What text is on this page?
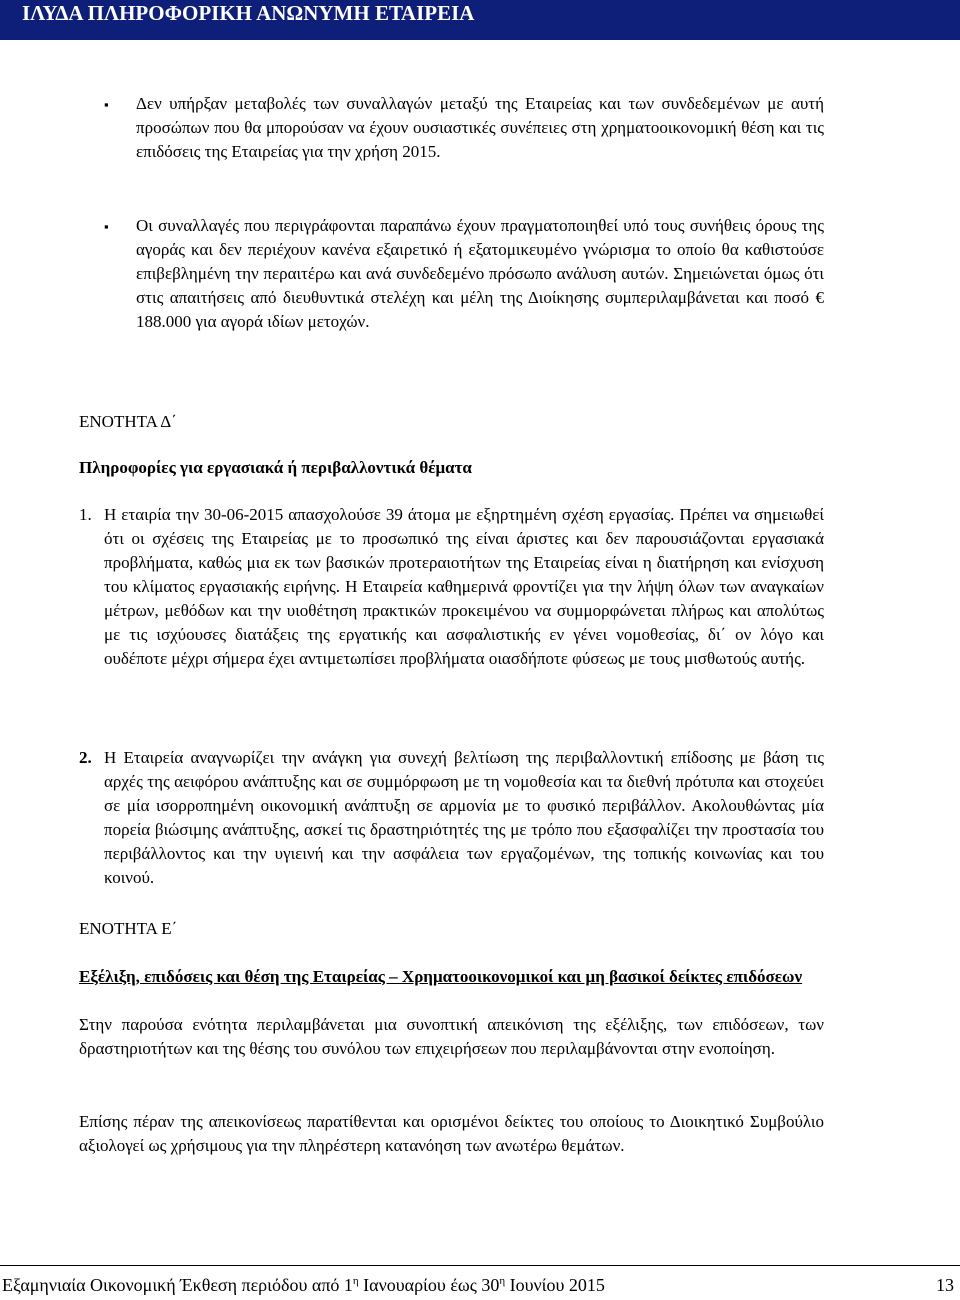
ΙΛΥΔΑ ΠΛΗΡΟΦΟΡΙΚΗ ΑΝΩΝΥΜΗ ΕΤΑΙΡΕΙΑ
▪ Δεν υπήρξαν μεταβολές των συναλλαγών μεταξύ της Εταιρείας και των συνδεδεμένων με αυτή προσώπων που θα μπορούσαν να έχουν ουσιαστικές συνέπειες στη χρηματοοικονομική θέση και τις επιδόσεις της Εταιρείας για την χρήση 2015.
▪ Οι συναλλαγές που περιγράφονται παραπάνω έχουν πραγματοποιηθεί υπό τους συνήθεις όρους της αγοράς και δεν περιέχουν κανένα εξαιρετικό ή εξατομικευμένο γνώρισμα το οποίο θα καθιστούσε επιβεβλημένη την περαιτέρω και ανά συνδεδεμένο πρόσωπο ανάλυση αυτών. Σημειώνεται όμως ότι στις απαιτήσεις από διευθυντικά στελέχη και μέλη της Διοίκησης συμπεριλαμβάνεται και ποσό € 188.000 για αγορά ιδίων μετοχών.
ΕΝΟΤΗΤΑ Δ΄
Πληροφορίες για εργασιακά ή περιβαλλοντικά θέματα
1. Η εταιρία την 30-06-2015 απασχολούσε 39 άτομα με εξηρτημένη σχέση εργασίας. Πρέπει να σημειωθεί ότι οι σχέσεις της Εταιρείας με το προσωπικό της είναι άριστες και δεν παρουσιάζονται εργασιακά προβλήματα, καθώς μια εκ των βασικών προτεραιοτήτων της Εταιρείας είναι η διατήρηση και ενίσχυση του κλίματος εργασιακής ειρήνης. Η Εταιρεία καθημερινά φροντίζει για την λήψη όλων των αναγκαίων μέτρων, μεθόδων και την υιοθέτηση πρακτικών προκειμένου να συμμορφώνεται πλήρως και απολύτως με τις ισχύουσες διατάξεις της εργατικής και ασφαλιστικής εν γένει νομοθεσίας, δι΄ ον λόγο και ουδέποτε μέχρι σήμερα έχει αντιμετωπίσει προβλήματα οιασδήποτε φύσεως με τους μισθωτούς αυτής.
2. Η Εταιρεία αναγνωρίζει την ανάγκη για συνεχή βελτίωση της περιβαλλοντική επίδοσης με βάση τις αρχές της αειφόρου ανάπτυξης και σε συμμόρφωση με τη νομοθεσία και τα διεθνή πρότυπα και στοχεύει σε μία ισορροπημένη οικονομική ανάπτυξη σε αρμονία με το φυσικό περιβάλλον. Ακολουθώντας μία πορεία βιώσιμης ανάπτυξης, ασκεί τις δραστηριότητές της με τρόπο που εξασφαλίζει την προστασία του περιβάλλοντος και την υγιεινή και την ασφάλεια των εργαζομένων, της τοπικής κοινωνίας και του κοινού.
ΕΝΟΤΗΤΑ Ε΄
Εξέλιξη, επιδόσεις και θέση της Εταιρείας – Χρηματοοικονομικοί και μη βασικοί δείκτες επιδόσεων
Στην παρούσα ενότητα περιλαμβάνεται μια συνοπτική απεικόνιση της εξέλιξης, των επιδόσεων, των δραστηριοτήτων και της θέσης του συνόλου των επιχειρήσεων που περιλαμβάνονται στην ενοποίηση.
Επίσης πέραν της απεικονίσεως παρατίθενται και ορισμένοι δείκτες του οποίους το Διοικητικό Συμβούλιο αξιολογεί ως χρήσιμους για την πληρέστερη κατανόηση των ανωτέρω θεμάτων.
Εξαμηνιαία Οικονομική Έκθεση περιόδου από $1^\eta$ Ιανουαρίου έως $30^\eta$ Ιουνίου 2015	13
